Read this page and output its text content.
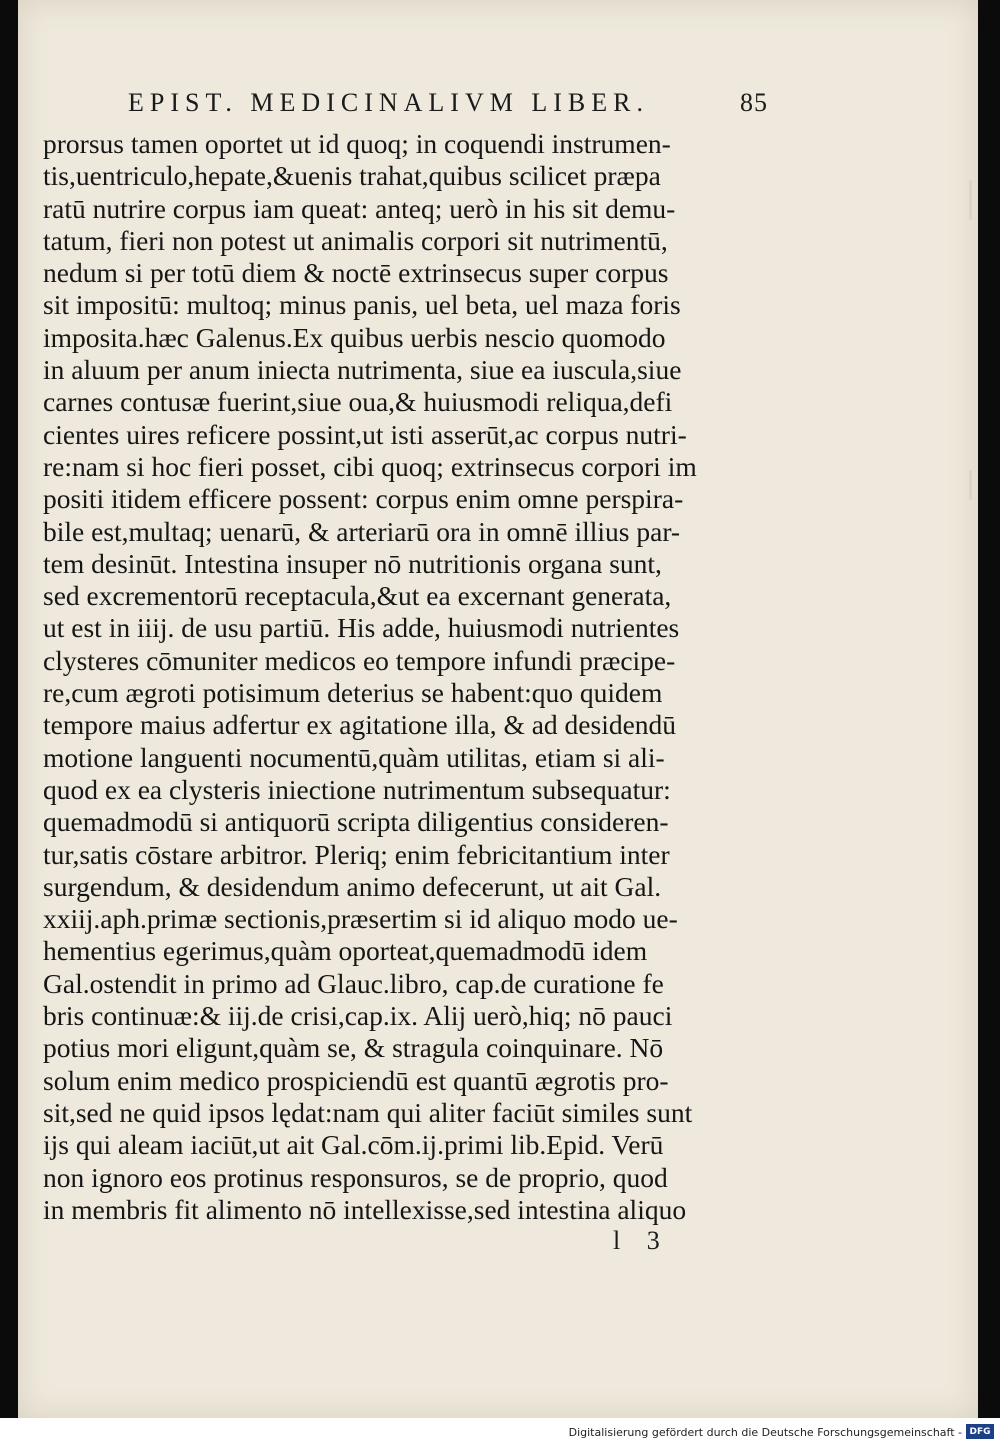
EPIST. MEDICINALIVM LIBER.	85
prorsus tamen oportet ut id quoq; in coquendi instrumen-
tis,uentriculo,hepate,&uenis trahat,quibus scilicet præpa
ratū nutrire corpus iam queat: anteq; uerò in his sit demu-
tatum, fieri non potest ut animalis corpori sit nutrimentū,
nedum si per totū diem & noctē extrinsecus super corpus
sit impositū: multoq; minus panis, uel beta, uel maza foris
imposita.hæc Galenus.Ex quibus uerbis nescio quomodo
in aluum per anum iniecta nutrimenta, siue ea iuscula,siue
carnes contusæ fuerint,siue oua,& huiusmodi reliqua,defi
cientes uires reficere possint,ut isti asserūt,ac corpus nutri-
re:nam si hoc fieri posset, cibi quoq; extrinsecus corpori im
positi itidem efficere possent: corpus enim omne perspira-
bile est,multaq; uenarū, & arteriarū ora in omnē illius par-
tem desinūt. Intestina insuper nō nutritionis organa sunt,
sed excrementorū receptacula,&ut ea excernant generata,
ut est in iiij. de usu partiū. His adde, huiusmodi nutrientes
clysteres cōmuniter medicos eo tempore infundi præcipe-
re,cum ægroti potisimum deterius se habent:quo quidem
tempore maius adfertur ex agitatione illa, & ad desidendū
motione languenti nocumentū,quàm utilitas, etiam si ali-
quod ex ea clysteris iniectione nutrimentum subsequatur:
quemadmodū si antiquorū scripta diligentius consideren-
tur,satis cōstare arbitror. Pleriq; enim febricitantium inter
surgendum, & desidendum animo defecerunt, ut ait Gal.
xxiij.aph.primæ sectionis,præsertim si id aliquo modo ue-
hementius egerimus,quàm oporteat,quemadmodū idem
Gal.ostendit in primo ad Glauc.libro, cap.de curatione fe
bris continuæ:& iij.de crisi,cap.ix. Alij uerò,hiq; nō pauci
potius mori eligunt,quàm se, & stragula coinquinare. Nō
solum enim medico prospiciendū est quantū ægrotis pro-
sit,sed ne quid ipsos lędat:nam qui aliter faciūt similes sunt
ijs qui aleam iaciūt,ut ait Gal.cōm.ij.primi lib.Epid. Verū
non ignoro eos protinus responsuros, se de proprio, quod
in membris fit alimento nō intellexisse,sed intestina aliquo
l 3
Digitalisierung gefördert durch die Deutsche Forschungsgemeinschaft - DFG
